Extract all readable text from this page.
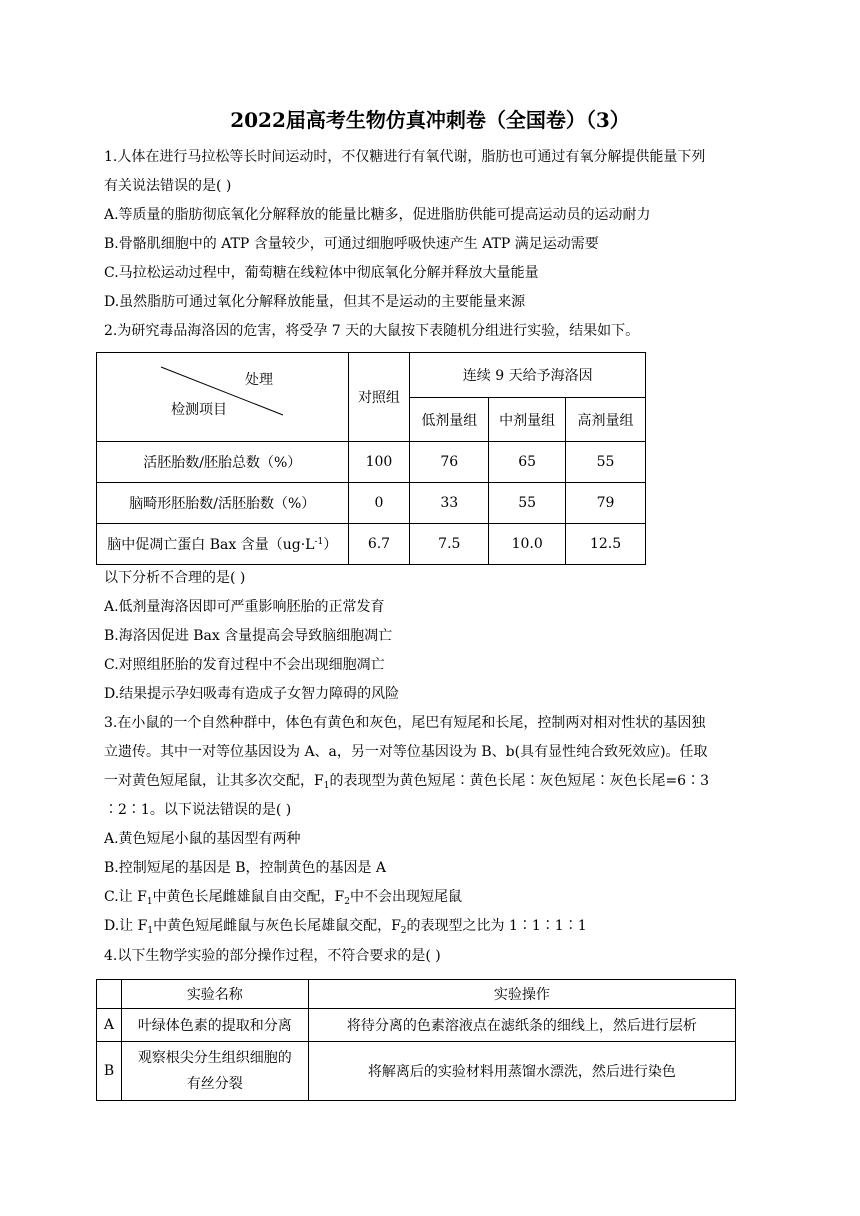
2022届高考生物仿真冲刺卷（全国卷）（3）
1.人体在进行马拉松等长时间运动时，不仅糖进行有氧代谢，脂肪也可通过有氧分解提供能量下列
有关说法错误的是( )
A.等质量的脂肪彻底氧化分解释放的能量比糖多，促进脂肪供能可提高运动员的运动耐力
B.骨骼肌细胞中的 ATP 含量较少，可通过细胞呼吸快速产生 ATP 满足运动需要
C.马拉松运动过程中，葡萄糖在线粒体中彻底氧化分解并释放大量能量
D.虽然脂肪可通过氧化分解释放能量，但其不是运动的主要能量来源
2.为研究毒品海洛因的危害，将受孕 7 天的大鼠按下表随机分组进行实验，结果如下。
处理
检测项目	对照组	连续 9 天给予海洛因		
		低剂量组	中剂量组	高剂量组
活胚胎数/胚胎总数（%）	100	76	65	55
脑畸形胚胎数/活胚胎数（%）	0	33	55	79
脑中促凋亡蛋白 Bax 含量$(ug\cdot L^{-1})$	6.7	7.5	10.0	12.5
以下分析不合理的是( )
A.低剂量海洛因即可严重影响胚胎的正常发育
B.海洛因促进 Bax 含量提高会导致脑细胞凋亡
C.对照组胚胎的发育过程中不会出现细胞凋亡
D.结果提示孕妇吸毒有造成子女智力障碍的风险
3.在小鼠的一个自然种群中，体色有黄色和灰色，尾巴有短尾和长尾，控制两对相对性状的基因独
立遗传。其中一对等位基因设为 A、a，另一对等位基因设为 B、b(具有显性纯合致死效应)。任取
一对黄色短尾鼠，让其多次交配，$F_1$的表现型为黄色短尾∶黄色长尾∶灰色短尾∶灰色长尾=6∶3
∶2∶1。以下说法错误的是( )
A.黄色短尾小鼠的基因型有两种
B.控制短尾的基因是 B，控制黄色的基因是 A
C.让 $F_1$中黄色长尾雌雄鼠自由交配，$F_2$中不会出现短尾鼠
D.让 $F_1$中黄色短尾雌鼠与灰色长尾雄鼠交配，$F_2$的表现型之比为 1∶1∶1∶1
4.以下生物学实验的部分操作过程，不符合要求的是( )
	实验名称	实验操作
A	叶绿体色素的提取和分离	将待分离的色素溶液点在滤纸条的细线上，然后进行层析
B	观察根尖分生组织细胞的
有丝分裂	将解离后的实验材料用蒸馏水漂洗，然后进行染色
